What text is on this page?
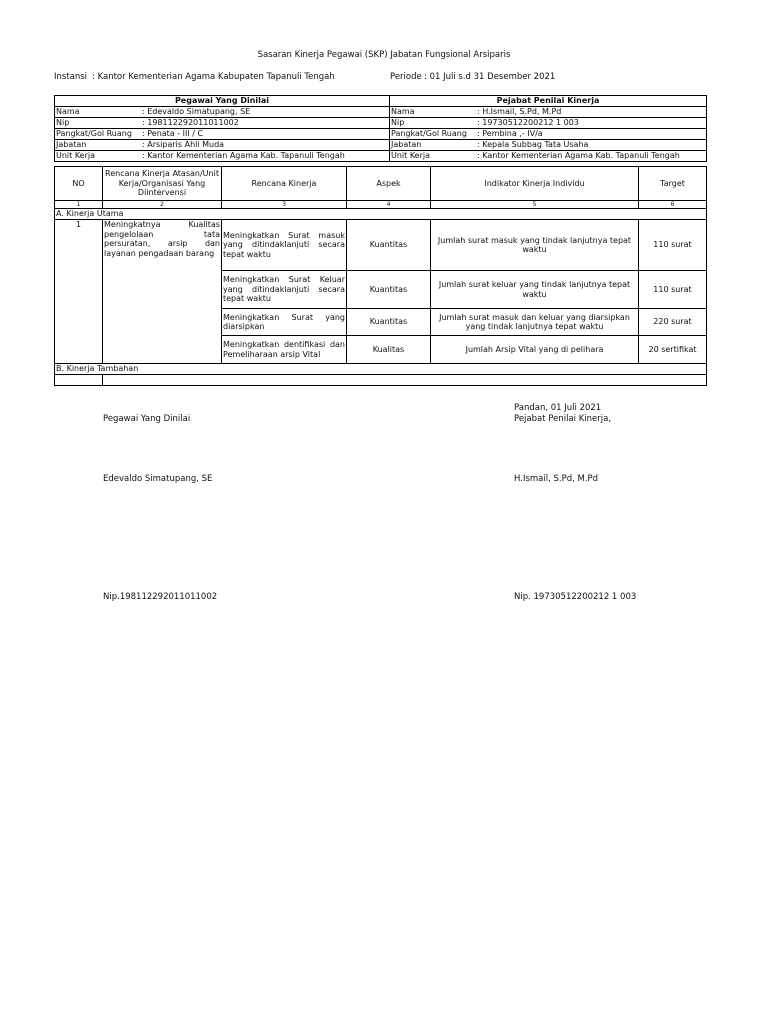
Sasaran Kinerja Pegawai (SKP) Jabatan Fungsional Arsiparis
Instansi : Kantor Kementerian Agama Kabupaten Tapanuli Tengah	Periode : 01 Juli s.d 31 Desember 2021
Pegawai Yang Dinilai	Pejabat Penilai Kinerja
Nama : Edevaldo Simatupang, SE	Nama : H.Ismail, S.Pd, M.Pd
Nip : 198112292011011002	Nip : 19730512200212 1 003
Pangkat/Gol Ruang : Penata - III / C	Pangkat/Gol Ruang : Pembina ,- IV/a
Jabatan : Arsiparis Ahli Muda	Jabatan : Kepala Subbag Tata Usaha
Unit Kerja : Kantor Kementerian Agama Kab. Tapanuli Tengah	Unit Kerja : Kantor Kementerian Agama Kab. Tapanuli Tengah
NO	Rencana Kinerja Atasan/Unit Kerja/Organisasi Yang Diintervensi	Rencana Kinerja	Aspek	Indikator Kinerja Individu	Target
1	2	3	4	5	6
A. Kinerja Utama					
1	Meningkatnya Kualitas pengelolaan tata persuratan, arsip dan layanan pengadaan barang	Meningkatkan Surat masuk yang ditindaklanjuti secara tepat waktu	Kuantitas	Jumlah surat masuk yang tindak lanjutnya tepat waktu	110 surat
		Meningkatkan Surat Keluar yang ditindaklanjuti secara tepat waktu	Kuantitas	Jumlah surat keluar yang tindak lanjutnya tepat waktu	110 surat
		Meningkatkan Surat yang diarsipkan	Kuantitas	Jumlah surat masuk dan keluar yang diarsipkan yang tindak lanjutnya tepat waktu	220 surat
		Meningkatkan dentifikasi dan Pemeliharaan arsip Vital	Kualitas	Jumlah Arsip Vital yang di pelihara	20 sertifikat
B. Kinerja Tambahan					

Pandan, 01 Juli 2021
Pegawai Yang Dinilai	Pejabat Penilai Kinerja,
Edevaldo Simatupang, SE	H.Ismail, S.Pd, M.Pd
Nip.198112292011011002	Nip. 19730512200212 1 003
